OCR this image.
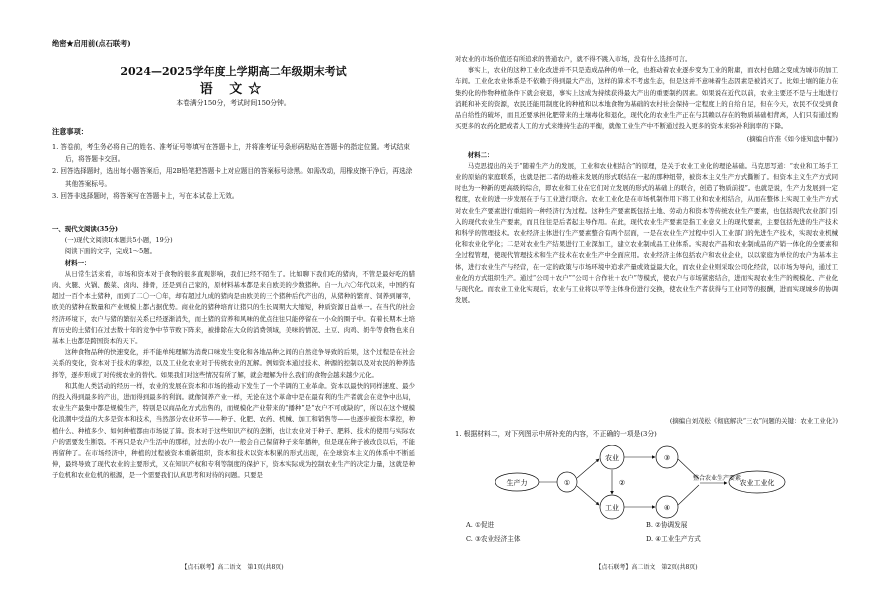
绝密★启用前(点石联考)
2024—2025学年度上学期高二年级期末考试
语 文☆
本卷满分150分，考试时间150分钟。
注意事项：

1. 答卷前，考生务必将自己的姓名、准考证号等填写在答题卡上，并将准考证号条形码粘贴在答题卡的指定位置。考试结束后，将答题卡交回。

2. 回答选择题时，选出每小题答案后，用2B铅笔把答题卡上对应题目的答案标号涂黑。如需改动，用橡皮擦干净后，再选涂其他答案标号。

3. 回答非选择题时，将答案写在答题卡上，写在本试卷上无效。

一、现代文阅读(35分)

(一)现代文阅读Ⅰ(本题共5小题，19分)

阅读下面的文字，完成1～5题。

材料一：

从日常生活来看，市场和资本对于食物的很多直观影响，我们已经不陌生了。比如聊下我们吃的猪肉，不管是最好吃的腊肉、火腿、火锅、酸菜、卤肉、排骨，还是到自己家的，原材料基本都是来自欧美的少数猪种。自一九六〇年代以来，中国约有超过一百个本土猪种，而到了二〇一〇年，却有超过九成的猪肉是由欧美的三个猪种后代产出的，从猪种的繁育、饲养到屠宰，欧美的猪种在数量和产业规模上都占据优势。商业化的猪种培育让猪只的生长周期大大缩短，种质资源日益单一。在当代的社会经济环境下，农户与猪的繁衍关系已经逐渐消失，而土猪的营养和风味的优点往往只能停留在一小众的圈子中。有着长期本土培育历史的土猪们在过去数十年的竞争中节节败下阵来，被排除在大众的消费领域，美味的情况、土豆、肉鸡、奶牛等食物也来自基本上也都是跨国资本的天下。

这种食物品种的快速变化，并不能单纯理解为消费口味发生变化和各地品种之间的自然竞争导致的后果，这个过程是在社会关系的变化，资本对于技术的掌控，以及工业化农业对于传统农业的瓦解。例如资本通过技术、种源的控制以及对农民的种养选择等，逐步形成了对传统农业的替代。如果我们对这些情况有所了解，就会理解为什么我们的食物会越来越少元化。

和其他人类活动的经历一样，农业的发展在资本和市场的推动下发生了一个半调的工业革命。资本以最快的同样速度、最少的投入得到最多的产出，进而得到最多的利润。就像饲养产业一样，无论在这个革命中是在最有利的生产者就会在竞争中出局，农业生产最集中都是规模生产，特别是以商品化方式出售的，而规模化产业带来的“播种”是“农户不可或缺的”，所以在这个规模化浪潮中受益的大多是资本和技术，当然部分农业环节——种子、化肥、农药、机械、加工和销售等——也逐步被资本掌控，种植什么、种植多少、如何种植都由市场说了算。资本对于这些知识产权的垄断，也让农业对于种子、肥料、技术的使用与实际农户的需要发生断裂。不再只是农户生活中的那样，过去的小农户一般会自己保留种子来年播种，但是现在种子被改良以后，不能再留种了。在市场经济中，种植的过程被资本重新组织，资本和技术以资本积累的形式出现，在全球资本主义的体系中不断延伸，最终导致了现代农业的主要形式，又在知识产权和专利等制度的保护下，资本实际成为控制农业生产的决定力量，这就是种子危机和农业危机的根源，是一个需要我们认真思考和对待的问题。只要是

【点石联考】高二语文　第1页(共8页)

对农业的市场价值还有所追求的普通农户，就不得不跳入市场，没有什么选择可言。

事实上，农业的这种工业化改进并不只是造成品种的单一化，也推动着农业逐步变为工业的附庸，而农村也随之变成为城市的加工车间。工业化农业体系是不依赖于得到最大产出，这样的算术不考虑生态，但是这并不意味着生态因素是被消灭了。比如土壤的能力在集约化的作物种植条件下就会衰退，事实上这成为持续获得最大产出的重要制约因素。如果说在近代以前，农业主要还不是与土地进行消耗和补充的资源，农民还能用制度化的种植和以本地食物为基础的农村社会保持一定程度上的自给自足，但在今天，农民不仅受到食品自给性的破坏，而且还要承担化肥带来的土壤毒化和退化，现代化的农业生产正在与其赖以存在的物质基础相背离，人们只有通过购买更多的农药化肥或者人工的方式来维持生态的平衡，就像工业生产中不断通过投入更多的资本来弥补利润率的下降。

(摘编自许准《如今谁知盘中餐》)

材料二：

马克思提出的关于“随着生产力的发展，工业和农业相结合”的原理，是关于农业工业化的理论基础。马克思写道：“农业和工场手工业的原始的家庭联系，也就是把二者的幼稚未发展的形式联结在一起的那种纽带，被资本主义生产方式撕断了。但资本主义生产方式同时也为一种新的更高级的综合，即农业和工业在它们对立发展的形式的基础上的联合，创造了物质前提”。也就是说，生产力发展到一定程度，农业的进一步发展在于与工业进行联合。农业工业化是在市场机制作用下将工业和农业相结合，从而在整体上实现工业生产方式对农业生产要素进行重组的一种经济行为过程。这种生产要素既包括土地、劳动力和资本等传统农业生产要素，也包括现代农业部门引入的现代农业生产要素，而且往往是后者起主导作用。在此，现代农业生产要素是指工业意义上的现代要素，主要包括先进的生产技术和科学的管理技术。农业经济主体进行生产要素整合有两个层面，一是在农业生产过程中引入工业部门的先进生产技术，实现农业机械化和农业化学化；二是对农业生产结果进行工业深加工，建立农业制成品工业体系。实现农产品和农业制成品的产销一体化的全要素和全过程管理，使现代管理技术和生产技术在农业生产中全面应用。农业经济主体包括农户和农业企业，以以家庭为单位的农户为基本主体，进行农业生产与经营，在一定的政策与市场环境中追求产量或效益最大化，而农业企业则采取公司化经营，以市场为导向，通过工业化的方式组织生产。通过“公司＋农户”“公司＋合作社＋农户”等模式，使农户与市场紧密结合，进而实现农业生产的规模化、产业化与现代化。而农业工业化实现后，农业与工业将以平等主体身份进行交换，使农业生产者获得与工业同等的报酬，进而实现城乡的协调发展。

(摘编自刘茂松《彻底解决“三农”问题的关键：农业工业化》)

1. 根据材料二，对下列图示中所补充的内容，不正确的一项是(3分)

生产力	①
农业
工业
②
③
④
整合农业生产要素
农业工业化
A. ①促进	B. ②协调发展
C. ③农业经济主体	D. ④工业生产方式
【点石联考】高二语文　第2页(共8页)
